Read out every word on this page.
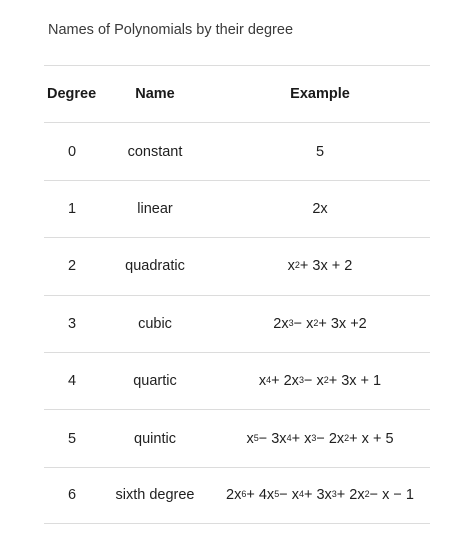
Names of Polynomials by their degree
Degree	Name	Example
0	constant	5
1	linear	2x
2	quadratic	$x^2 + 3x + 2$
3	cubic	$2x^3 - x^2 + 3x +2$
4	quartic	$x^4 + 2x^3 - x^2 + 3x + 1$
5	quintic	$x^5 - 3x^4 + x^3 - 2x^2 + x + 5$
6	sixth degree	$2x^6 + 4x^5 - x^4 + 3x^3 + 2x^2 - x - 1$
